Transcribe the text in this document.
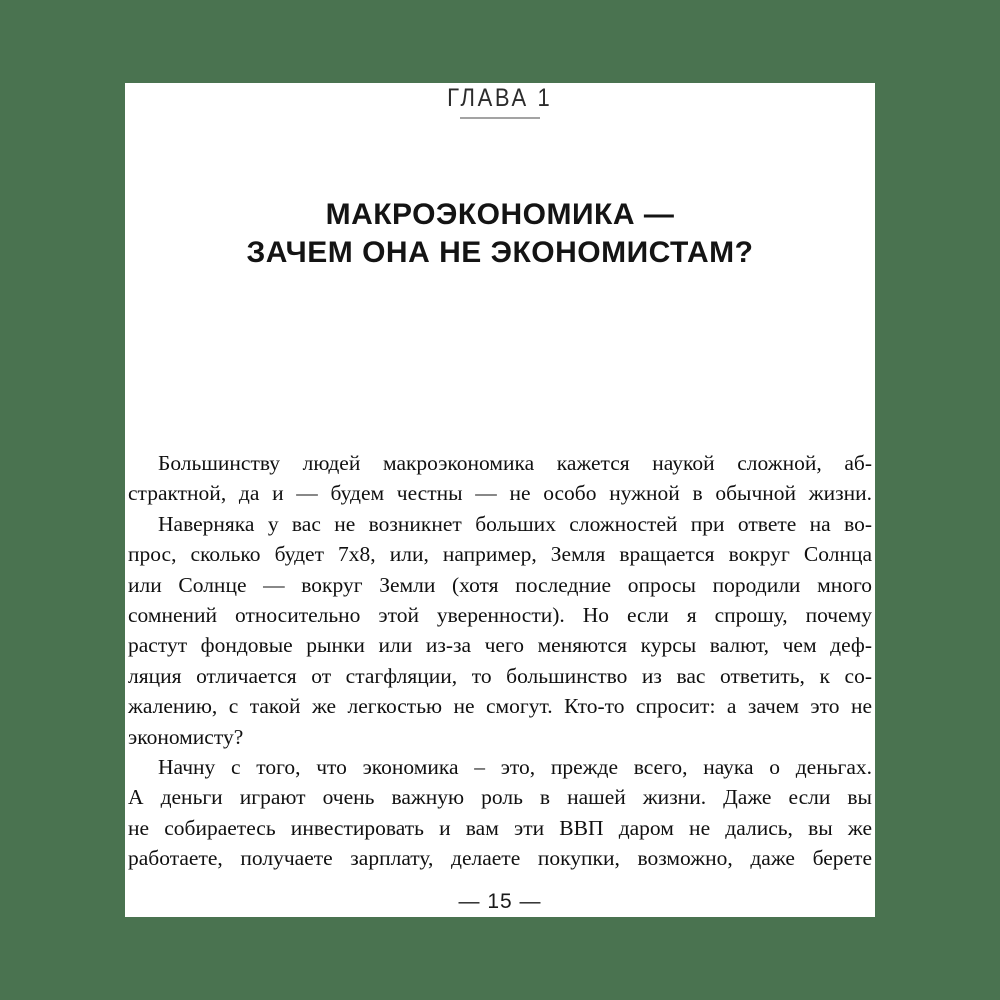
ГЛАВА 1
МАКРОЭКОНОМИКА —
ЗАЧЕМ ОНА НЕ ЭКОНОМИСТАМ?
Большинству людей макроэкономика кажется наукой сложной, аб-
страктной, да и — будем честны — не особо нужной в обычной жизни.
Наверняка у вас не возникнет больших сложностей при ответе на во-
прос, сколько будет 7х8, или, например, Земля вращается вокруг Солнца
или Солнце — вокруг Земли (хотя последние опросы породили много
сомнений относительно этой уверенности). Но если я спрошу, почему
растут фондовые рынки или из-за чего меняются курсы валют, чем деф-
ляция отличается от стагфляции, то большинство из вас ответить, к со-
жалению, с такой же легкостью не смогут. Кто-то спросит: а зачем это не
экономисту?
Начну с того, что экономика – это, прежде всего, наука о деньгах.
А деньги играют очень важную роль в нашей жизни. Даже если вы
не собираетесь инвестировать и вам эти ВВП даром не дались, вы же
работаете, получаете зарплату, делаете покупки, возможно, даже берете
— 15 —
